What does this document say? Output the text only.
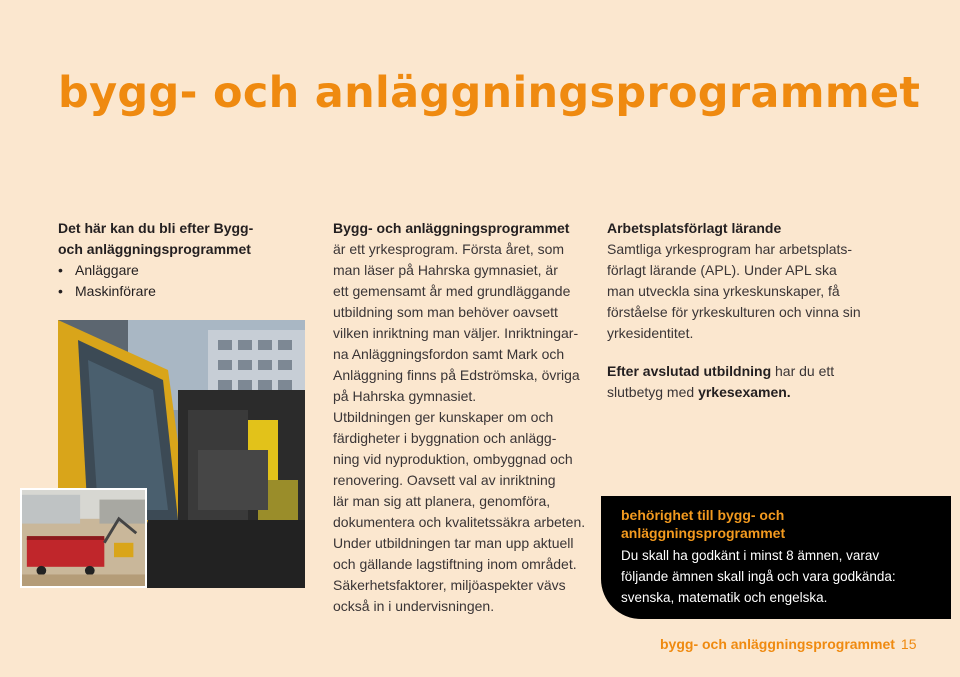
bygg- och anläggningsprogrammet
Det här kan du bli efter Bygg-
och anläggningsprogrammet
• Anläggare
• Maskinförare
Bygg- och anläggningsprogrammet

är ett yrkesprogram. Första året, som

man läser på Hahrska gymnasiet, är

ett gemensamt år med grundläggande

utbildning som man behöver oavsett

vilken inriktning man väljer. Inriktningar-

na Anläggningsfordon samt Mark och

Anläggning finns på Edströmska, övriga

på Hahrska gymnasiet.

Utbildningen ger kunskaper om och

färdigheter i byggnation och anlägg-

ning vid nyproduktion, ombyggnad och

renovering. Oavsett val av inriktning

lär man sig att planera, genomföra,

dokumentera och kvalitetssäkra arbeten.

Under utbildningen tar man upp aktuell

och gällande lagstiftning inom området.

Säkerhetsfaktorer, miljöaspekter vävs

också in i undervisningen.

Arbetsplatsförlagt lärande

Samtliga yrkesprogram har arbetsplats-

förlagt lärande (APL). Under APL ska

man utveckla sina yrkeskunskaper, få

förståelse för yrkeskulturen och vinna sin

yrkesidentitet.

Efter avslutad utbildning har du ett

slutbetyg med yrkesexamen.

behörighet till bygg- och
anläggningsprogrammet
Du skall ha godkänt i minst 8 ämnen, varav
följande ämnen skall ingå och vara godkända:
svenska, matematik och engelska.
bygg- och anläggningsprogrammet 15
